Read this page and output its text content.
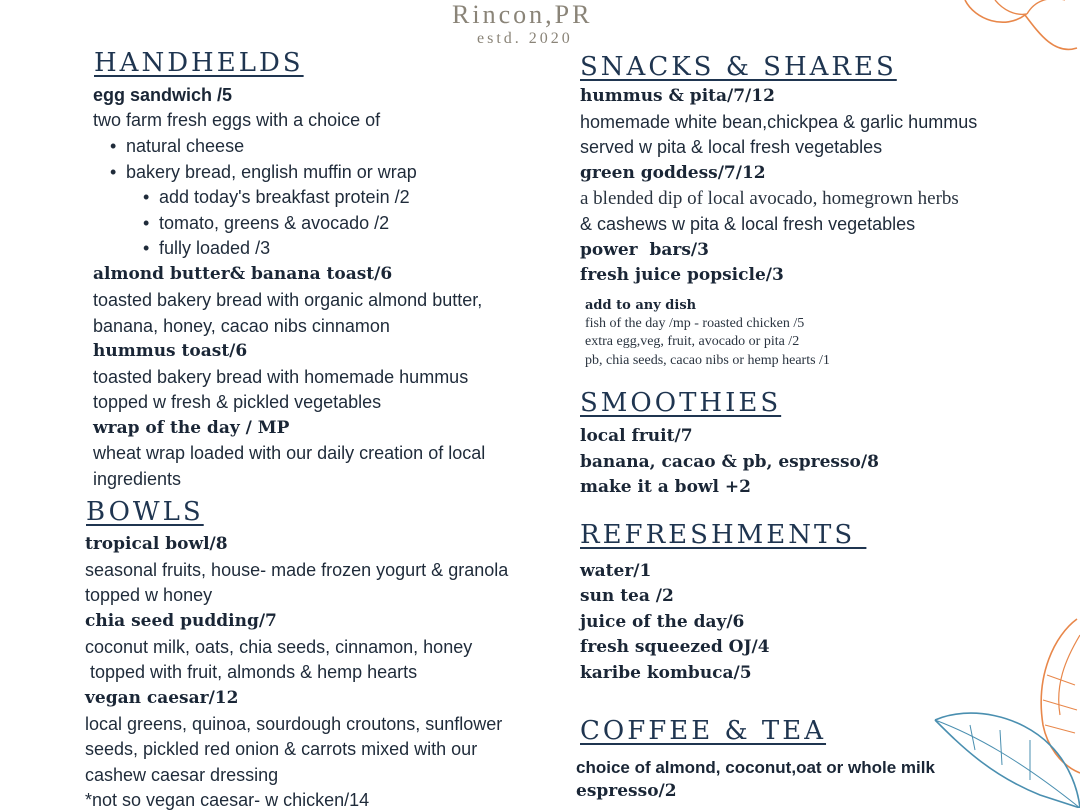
Rincon,PR
estd. 2020
HANDHELDS
egg sandwich /5
two farm fresh eggs with a choice of
• natural cheese
• bakery bread, english muffin or wrap
• add today's breakfast protein /2
• tomato, greens & avocado /2
• fully loaded /3
almond butter& banana toast/6
toasted bakery bread with organic almond butter,
banana, honey, cacao nibs cinnamon
hummus toast/6
toasted bakery bread with homemade hummus
topped w fresh & pickled vegetables
wrap of the day / MP
wheat wrap loaded with our daily creation of local
ingredients
BOWLS
tropical bowl/8
seasonal fruits, house- made frozen yogurt & granola
topped w honey
chia seed pudding/7
coconut milk, oats, chia seeds, cinnamon, honey
topped with fruit, almonds & hemp hearts
vegan caesar/12
local greens, quinoa, sourdough croutons, sunflower
seeds, pickled red onion & carrots mixed with our
cashew caesar dressing
*not so vegan caesar- w chicken/14
SNACKS & SHARES
hummus & pita/7/12
homemade white bean,chickpea & garlic hummus
served w pita & local fresh vegetables
green goddess/7/12
a blended dip of local avocado, homegrown herbs
& cashews w pita & local fresh vegetables
power  bars/3
fresh juice popsicle/3
add to any dish
fish of the day /mp - roasted chicken /5
extra egg,veg, fruit, avocado or pita /2
pb, chia seeds, cacao nibs or hemp hearts /1
SMOOTHIES
local fruit/7
banana, cacao & pb, espresso/8
make it a bowl +2
REFRESHMENTS
water/1
sun tea /2
juice of the day/6
fresh squeezed OJ/4
karibe kombuca/5
COFFEE & TEA
choice of almond, coconut,oat or whole milk
espresso/2
